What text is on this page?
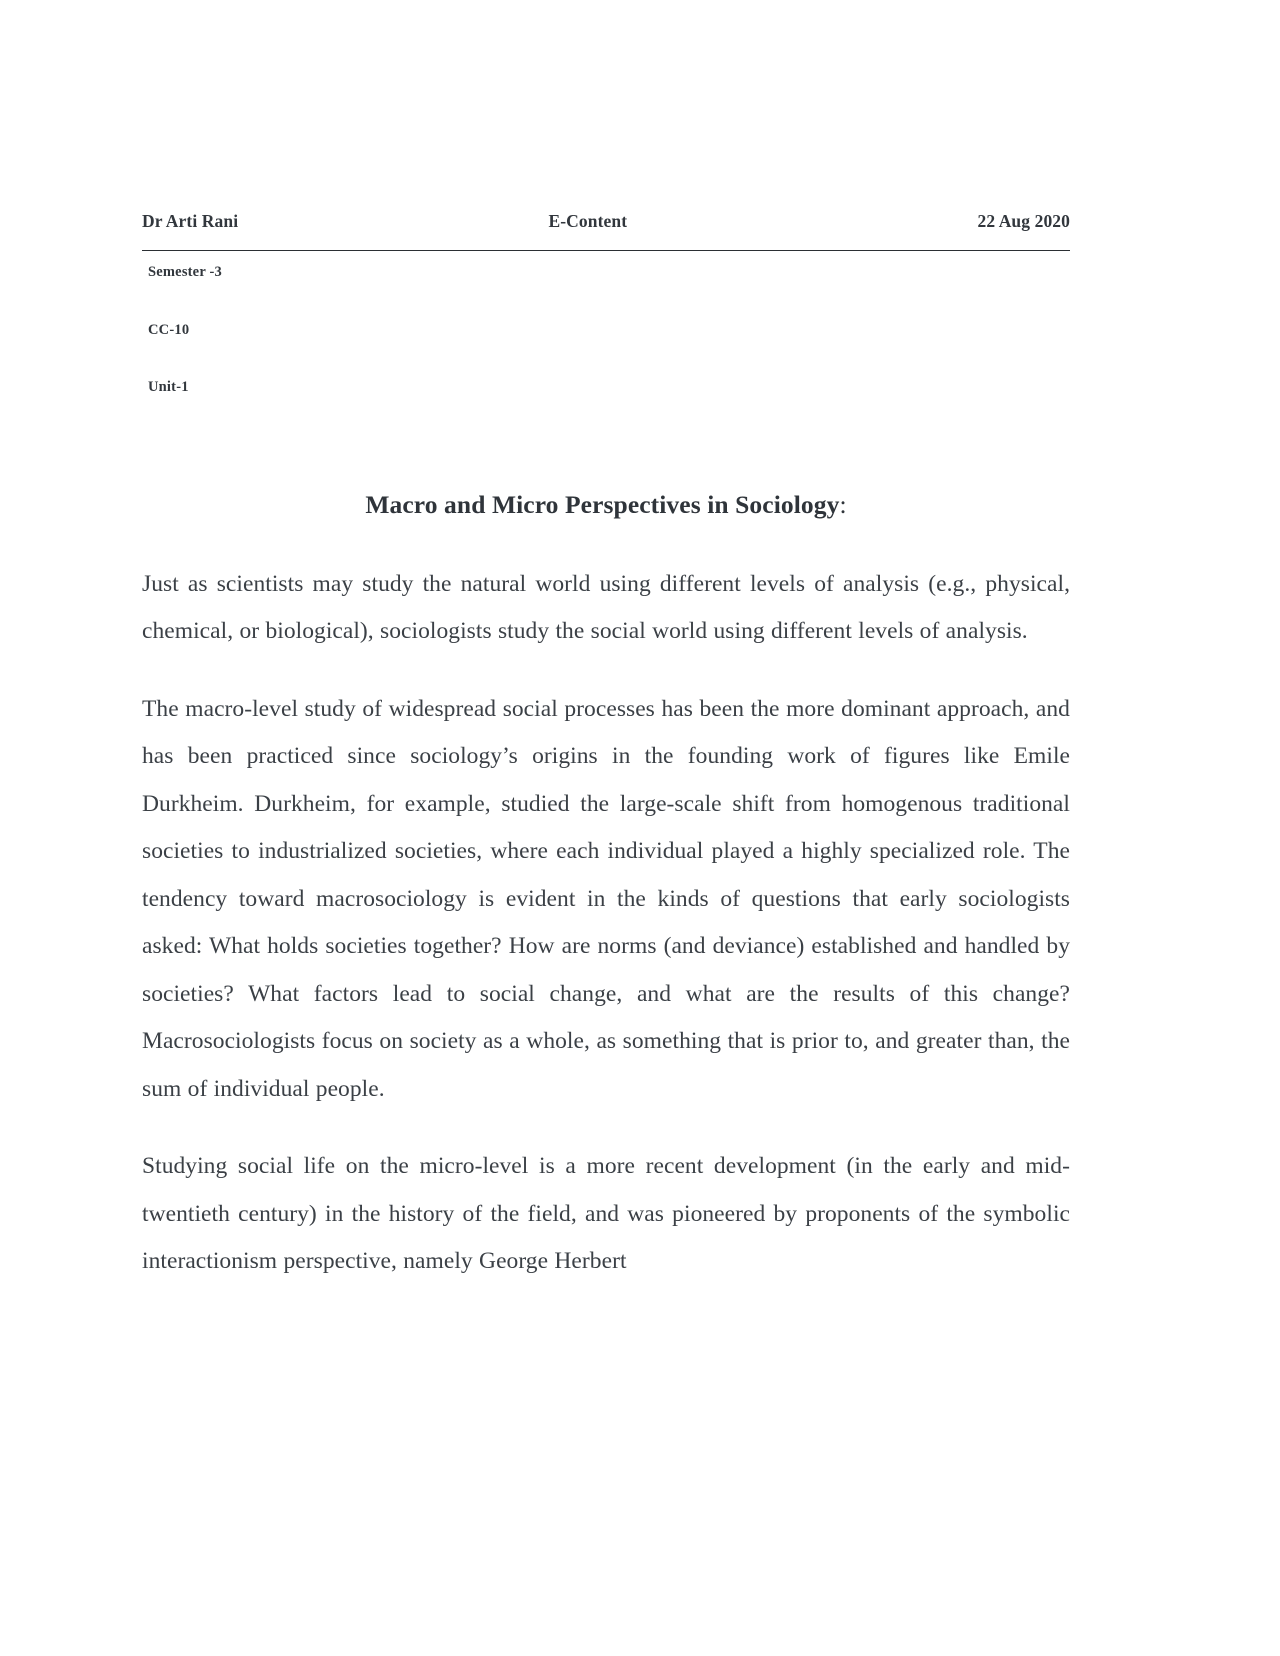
Dr Arti Rani	E-Content	22 Aug 2020

Semester -3

CC-10

Unit-1

Macro and Micro Perspectives in Sociology:

Just as scientists may study the natural world using different levels of analysis (e.g., physical, chemical, or biological), sociologists study the social world using different levels of analysis.

The macro-level study of widespread social processes has been the more dominant approach, and has been practiced since sociology’s origins in the founding work of figures like Emile Durkheim. Durkheim, for example, studied the large-scale shift from homogenous traditional societies to industrialized societies, where each individual played a highly specialized role. The tendency toward macrosociology is evident in the kinds of questions that early sociologists asked: What holds societies together? How are norms (and deviance) established and handled by societies? What factors lead to social change, and what are the results of this change? Macrosociologists focus on society as a whole, as something that is prior to, and greater than, the sum of individual people.

Studying social life on the micro-level is a more recent development (in the early and mid-twentieth century) in the history of the field, and was pioneered by proponents of the symbolic interactionism perspective, namely George Herbert
